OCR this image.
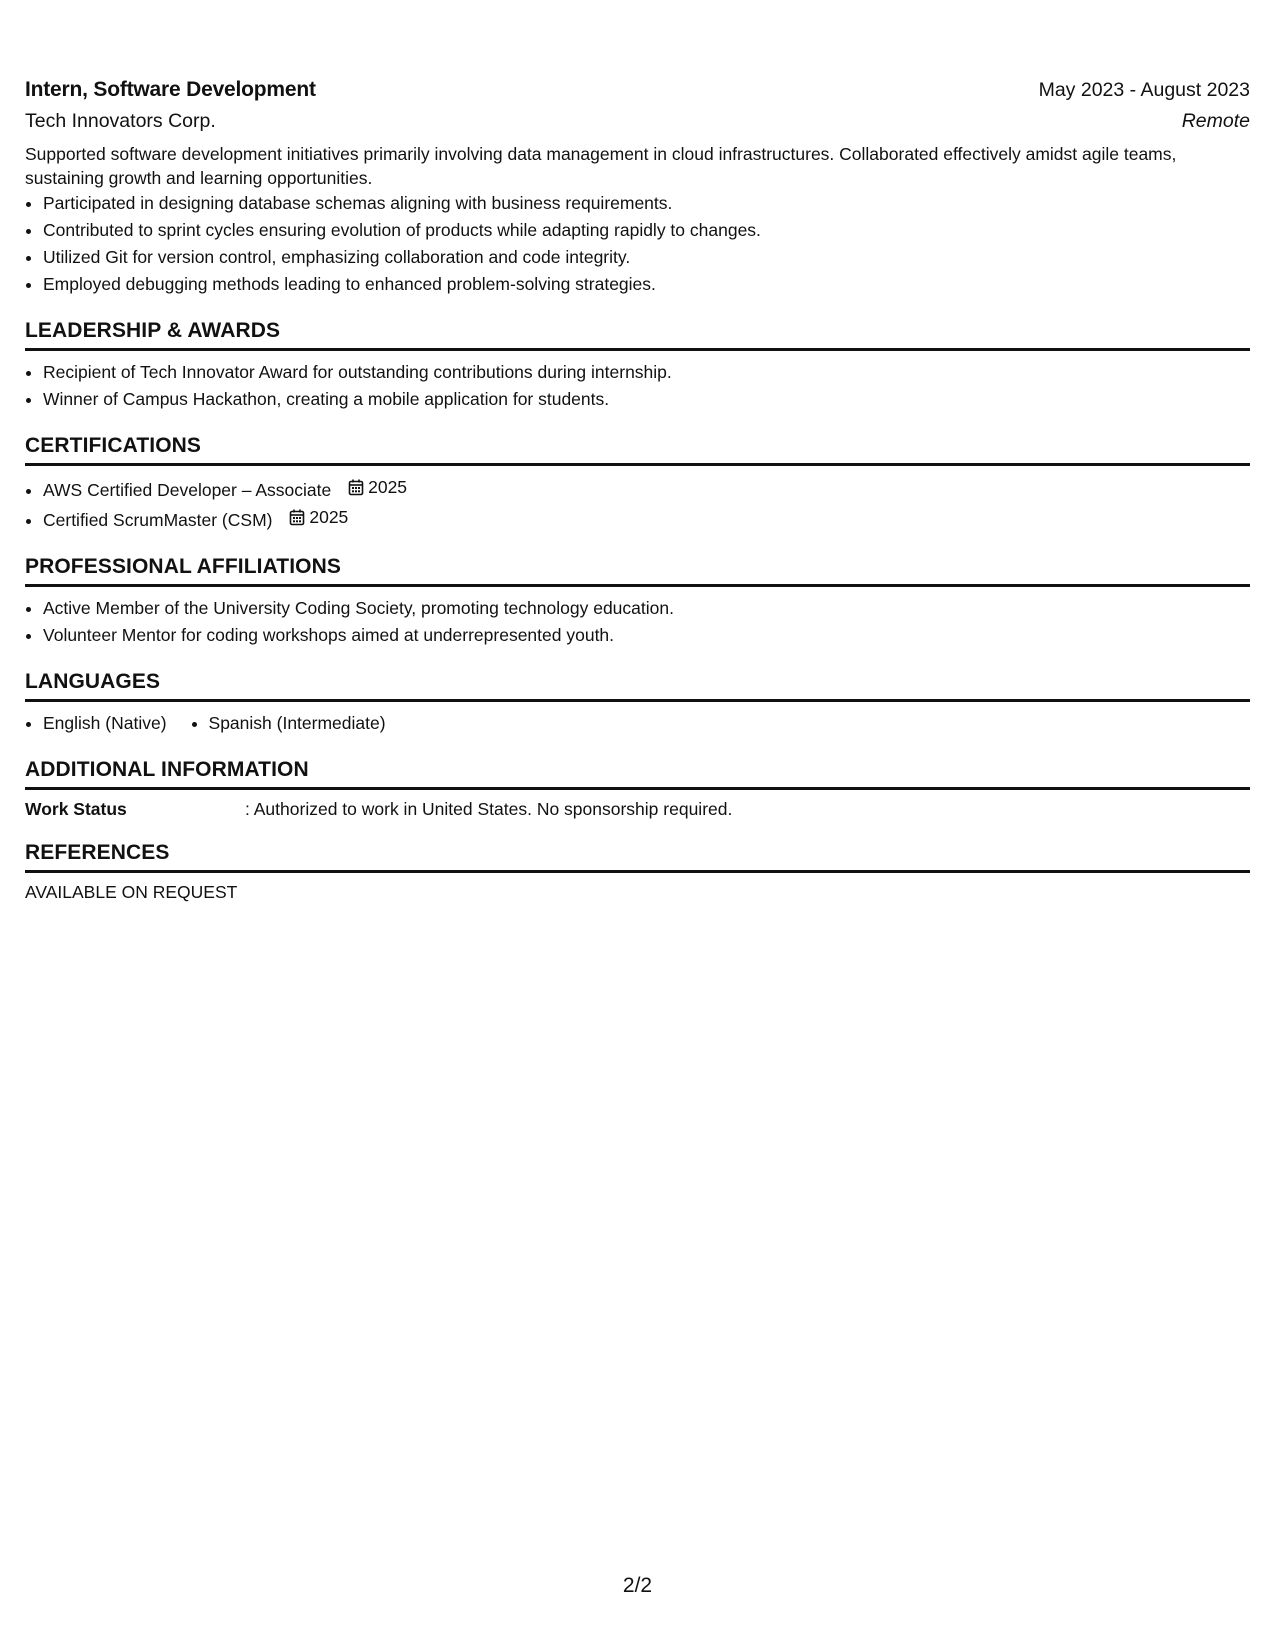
Intern, Software Development	May 2023 - August 2023
Tech Innovators Corp.	Remote
Supported software development initiatives primarily involving data management in cloud infrastructures. Collaborated effectively amidst agile teams, sustaining growth and learning opportunities.
• Participated in designing database schemas aligning with business requirements.
• Contributed to sprint cycles ensuring evolution of products while adapting rapidly to changes.
• Utilized Git for version control, emphasizing collaboration and code integrity.
• Employed debugging methods leading to enhanced problem-solving strategies.
LEADERSHIP & AWARDS
• Recipient of Tech Innovator Award for outstanding contributions during internship.
• Winner of Campus Hackathon, creating a mobile application for students.
CERTIFICATIONS
• AWS Certified Developer – Associate 2025
• Certified ScrumMaster (CSM) 2025
PROFESSIONAL AFFILIATIONS
• Active Member of the University Coding Society, promoting technology education.
• Volunteer Mentor for coding workshops aimed at underrepresented youth.
LANGUAGES
• English (Native)
• Spanish (Intermediate)
ADDITIONAL INFORMATION
Work Status	: Authorized to work in United States. No sponsorship required.
REFERENCES
AVAILABLE ON REQUEST
2/2
